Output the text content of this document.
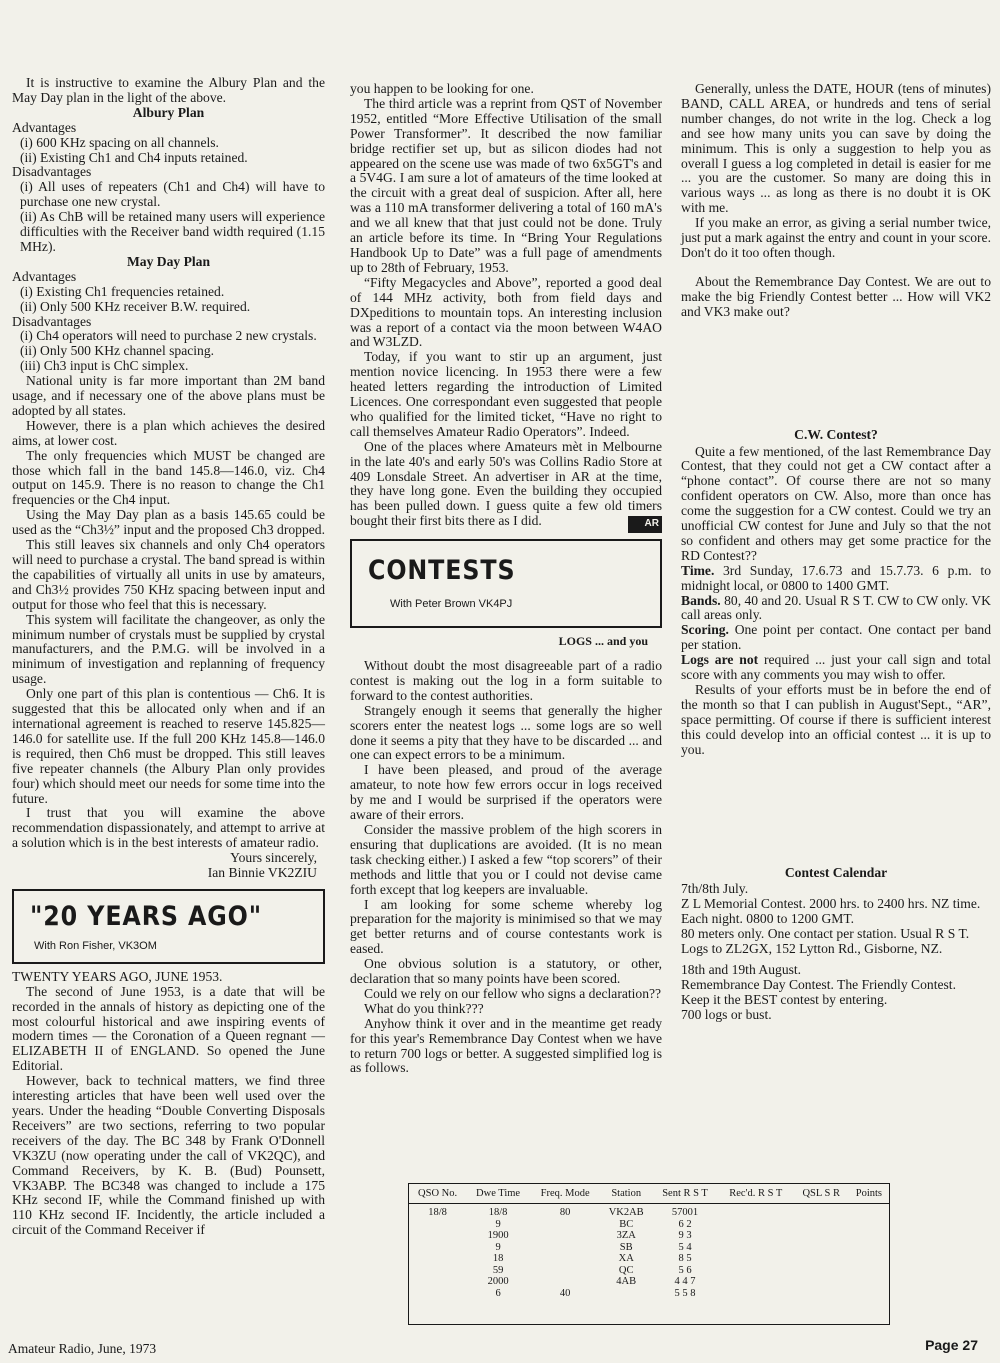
It is instructive to examine the Albury Plan and the May Day plan in the light of the above.

Albury Plan

Advantages

(i) 600 KHz spacing on all channels.

(ii) Existing Ch1 and Ch4 inputs retained.

Disadvantages

(i) All uses of repeaters (Ch1 and Ch4) will have to purchase one new crystal.

(ii) As ChB will be retained many users will experience difficulties with the Receiver band width required (1.15 MHz).

May Day Plan

Advantages

(i) Existing Ch1 frequencies retained.

(ii) Only 500 KHz receiver B.W. required.

Disadvantages

(i) Ch4 operators will need to purchase 2 new crystals.

(ii) Only 500 KHz channel spacing.

(iii) Ch3 input is ChC simplex.

National unity is far more important than 2M band usage, and if necessary one of the above plans must be adopted by all states.

However, there is a plan which achieves the desired aims, at lower cost.

The only frequencies which MUST be changed are those which fall in the band 145.8—146.0, viz. Ch4 output on 145.9. There is no reason to change the Ch1 frequencies or the Ch4 input.

Using the May Day plan as a basis 145.65 could be used as the “Ch3½” input and the proposed Ch3 dropped.

This still leaves six channels and only Ch4 operators will need to purchase a crystal. The band spread is within the capabilities of virtually all units in use by amateurs, and Ch3½ provides 750 KHz spacing between input and output for those who feel that this is necessary.

This system will facilitate the changeover, as only the minimum number of crystals must be supplied by crystal manufacturers, and the P.M.G. will be involved in a minimum of investigation and replanning of frequency usage.

Only one part of this plan is contentious — Ch6. It is suggested that this be allocated only when and if an international agreement is reached to reserve 145.825—146.0 for satellite use. If the full 200 KHz 145.8—146.0 is required, then Ch6 must be dropped. This still leaves five repeater channels (the Albury Plan only provides four) which should meet our needs for some time into the future.

I trust that you will examine the above recommendation dispassionately, and attempt to arrive at a solution which is in the best interests of amateur radio.

Yours sincerely,

Ian Binnie VK2ZIU

"20 YEARS AGO"
With Ron Fisher, VK3OM

TWENTY YEARS AGO, JUNE 1953.

The second of June 1953, is a date that will be recorded in the annals of history as depicting one of the most colourful historical and awe inspiring events of modern times — the Coronation of a Queen regnant — ELIZABETH II of ENGLAND. So opened the June Editorial.

However, back to technical matters, we find three interesting articles that have been well used over the years. Under the heading “Double Converting Disposals Receivers” are two sections, referring to two popular receivers of the day. The BC 348 by Frank O'Donnell VK3ZU (now operating under the call of VK2QC), and Command Receivers, by K. B. (Bud) Pounsett, VK3ABP. The BC348 was changed to include a 175 KHz second IF, while the Command finished up with 110 KHz second IF. Incidently, the article included a circuit of the Command Receiver if

you happen to be looking for one.

The third article was a reprint from QST of November 1952, entitled “More Effective Utilisation of the small Power Transformer”. It described the now familiar bridge rectifier set up, but as silicon diodes had not appeared on the scene use was made of two 6x5GT's and a 5V4G. I am sure a lot of amateurs of the time looked at the circuit with a great deal of suspicion. After all, here was a 110 mA transformer delivering a total of 160 mA's and we all knew that that just could not be done. Truly an article before its time. In “Bring Your Regulations Handbook Up to Date” was a full page of amendments up to 28th of February, 1953.

“Fifty Megacycles and Above”, reported a good deal of 144 MHz activity, both from field days and DXpeditions to mountain tops. An interesting inclusion was a report of a contact via the moon between W4AO and W3LZD.

Today, if you want to stir up an argument, just mention novice licencing. In 1953 there were a few heated letters regarding the introduction of Limited Licences. One correspondant even suggested that people who qualified for the limited ticket, “Have no right to call themselves Amateur Radio Operators”. Indeed.

One of the places where Amateurs mèt in Melbourne in the late 40's and early 50's was Collins Radio Store at 409 Lonsdale Street. An advertiser in AR at the time, they have long gone. Even the building they occupied has been pulled down. I guess quite a few old timers bought their first bits there as I did.	AR

CONTESTS
With Peter Brown VK4PJ

LOGS ... and you

Without doubt the most disagreeable part of a radio contest is making out the log in a form suitable to forward to the contest authorities.

Strangely enough it seems that generally the higher scorers enter the neatest logs ... some logs are so well done it seems a pity that they have to be discarded ... and one can expect errors to be a minimum.

I have been pleased, and proud of the average amateur, to note how few errors occur in logs received by me and I would be surprised if the operators were aware of their errors.

Consider the massive problem of the high scorers in ensuring that duplications are avoided. (It is no mean task checking either.) I asked a few “top scorers” of their methods and little that you or I could not devise came forth except that log keepers are invaluable.

I am looking for some scheme whereby log preparation for the majority is minimised so that we may get better returns and of course contestants work is eased.

One obvious solution is a statutory, or other, declaration that so many points have been scored.

Could we rely on our fellow who signs a declaration??

What do you think???

Anyhow think it over and in the meantime get ready for this year's Remembrance Day Contest when we have to return 700 logs or better. A suggested simplified log is as follows.

Generally, unless the DATE, HOUR (tens of minutes) BAND, CALL AREA, or hundreds and tens of serial number changes, do not write in the log. Check a log and see how many units you can save by doing the minimum. This is only a suggestion to help you as overall I guess a log completed in detail is easier for me ... you are the customer. So many are doing this in various ways ... as long as there is no doubt it is OK with me.

If you make an error, as giving a serial number twice, just put a mark against the entry and count in your score. Don't do it too often though.

About the Remembrance Day Contest. We are out to make the big Friendly Contest better ... How will VK2 and VK3 make out?

C.W. Contest?

Quite a few mentioned, of the last Remembrance Day Contest, that they could not get a CW contact after a “phone contact”. Of course there are not so many confident operators on CW. Also, more than once has come the suggestion for a CW contest. Could we try an unofficial CW contest for June and July so that the not so confident and others may get some practice for the RD Contest??

Time. 3rd Sunday, 17.6.73 and 15.7.73. 6 p.m. to midnight local, or 0800 to 1400 GMT.

Bands. 80, 40 and 20. Usual R S T. CW to CW only. VK call areas only.

Scoring. One point per contact. One contact per band per station.

Logs are not required ... just your call sign and total score with any comments you may wish to offer.

Results of your efforts must be in before the end of the month so that I can publish in August'Sept., “AR”, space permitting. Of course if there is sufficient interest this could develop into an official contest ... it is up to you.

Contest Calendar

7th/8th July.

Z L Memorial Contest. 2000 hrs. to 2400 hrs. NZ time.

Each night. 0800 to 1200 GMT.

80 meters only. One contact per station. Usual R S T.

Logs to ZL2GX, 152 Lytton Rd., Gisborne, NZ.

18th and 19th August.

Remembrance Day Contest. The Friendly Contest.

Keep it the BEST contest by entering.

700 logs or bust.

QSO No.	Dwe Time	Freq. Mode	Station	Sent R S T	Rec'd. R S T	QSL S R	Points
18/8	18/8	80	VK2AB	57001			
	9		BC	6 2			
	1900		3ZA	9 3			
	9		SB	5 4			
	18		XA	8 5			
	59		QC	5 6			
	2000		4AB	4 4 7			
	6	40		5 5 8			
Amateur Radio, June, 1973	Page 27
